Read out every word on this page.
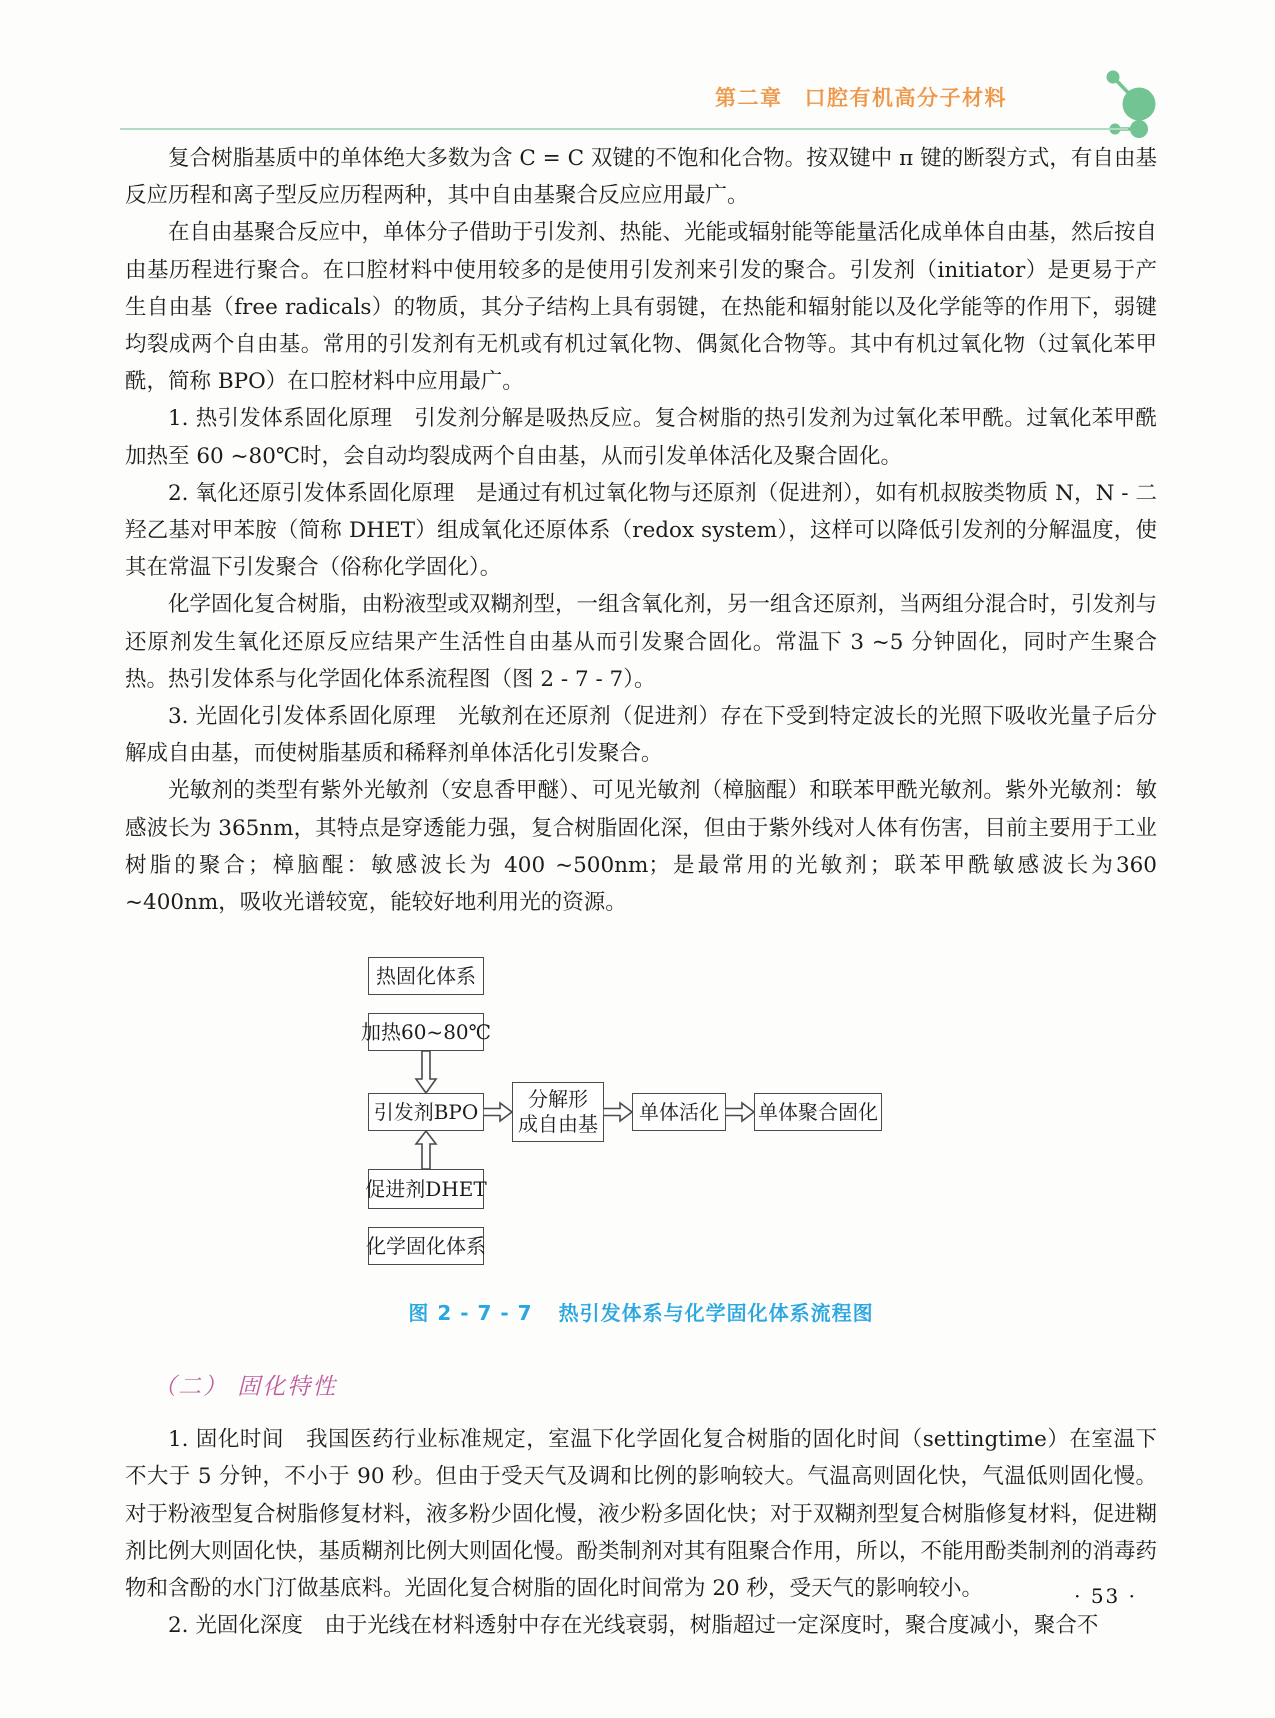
第二章 口腔有机高分子材料

复合树脂基质中的单体绝大多数为含 C = C 双键的不饱和化合物。按双键中 π 键的断裂方式，有自由基反应历程和离子型反应历程两种，其中自由基聚合反应应用最广。

在自由基聚合反应中，单体分子借助于引发剂、热能、光能或辐射能等能量活化成单体自由基，然后按自由基历程进行聚合。在口腔材料中使用较多的是使用引发剂来引发的聚合。引发剂（initiator）是更易于产生自由基（free radicals）的物质，其分子结构上具有弱键，在热能和辐射能以及化学能等的作用下，弱键均裂成两个自由基。常用的引发剂有无机或有机过氧化物、偶氮化合物等。其中有机过氧化物（过氧化苯甲酰，简称 BPO）在口腔材料中应用最广。

1. 热引发体系固化原理　引发剂分解是吸热反应。复合树脂的热引发剂为过氧化苯甲酰。过氧化苯甲酰加热至 60 ~80℃时，会自动均裂成两个自由基，从而引发单体活化及聚合固化。

2. 氧化还原引发体系固化原理　是通过有机过氧化物与还原剂（促进剂），如有机叔胺类物质 N，N - 二羟乙基对甲苯胺（简称 DHET）组成氧化还原体系（redox system），这样可以降低引发剂的分解温度，使其在常温下引发聚合（俗称化学固化）。

化学固化复合树脂，由粉液型或双糊剂型，一组含氧化剂，另一组含还原剂，当两组分混合时，引发剂与还原剂发生氧化还原反应结果产生活性自由基从而引发聚合固化。常温下 3 ~5 分钟固化，同时产生聚合热。热引发体系与化学固化体系流程图（图 2 - 7 - 7）。

3. 光固化引发体系固化原理　光敏剂在还原剂（促进剂）存在下受到特定波长的光照下吸收光量子后分解成自由基，而使树脂基质和稀释剂单体活化引发聚合。

光敏剂的类型有紫外光敏剂（安息香甲醚）、可见光敏剂（樟脑醌）和联苯甲酰光敏剂。紫外光敏剂：敏感波长为 365nm，其特点是穿透能力强，复合树脂固化深，但由于紫外线对人体有伤害，目前主要用于工业树脂的聚合；樟脑醌：敏感波长为 400 ~500nm；是最常用的光敏剂；联苯甲酰敏感波长为360 ~400nm，吸收光谱较宽，能较好地利用光的资源。

热固化体系
加热60~80℃
引发剂BPO
分解形
成自由基
单体活化	单体聚合固化
促进剂DHET
化学固化体系
图 2 - 7 - 7 热引发体系与化学固化体系流程图
（二） 固化特性

1. 固化时间　我国医药行业标准规定，室温下化学固化复合树脂的固化时间（settingtime）在室温下不大于 5 分钟，不小于 90 秒。但由于受天气及调和比例的影响较大。气温高则固化快，气温低则固化慢。对于粉液型复合树脂修复材料，液多粉少固化慢，液少粉多固化快；对于双糊剂型复合树脂修复材料，促进糊剂比例大则固化快，基质糊剂比例大则固化慢。酚类制剂对其有阻聚合作用，所以，不能用酚类制剂的消毒药物和含酚的水门汀做基底料。光固化复合树脂的固化时间常为 20 秒，受天气的影响较小。

2. 光固化深度　由于光线在材料透射中存在光线衰弱，树脂超过一定深度时，聚合度减小，聚合不

· 53 ·
